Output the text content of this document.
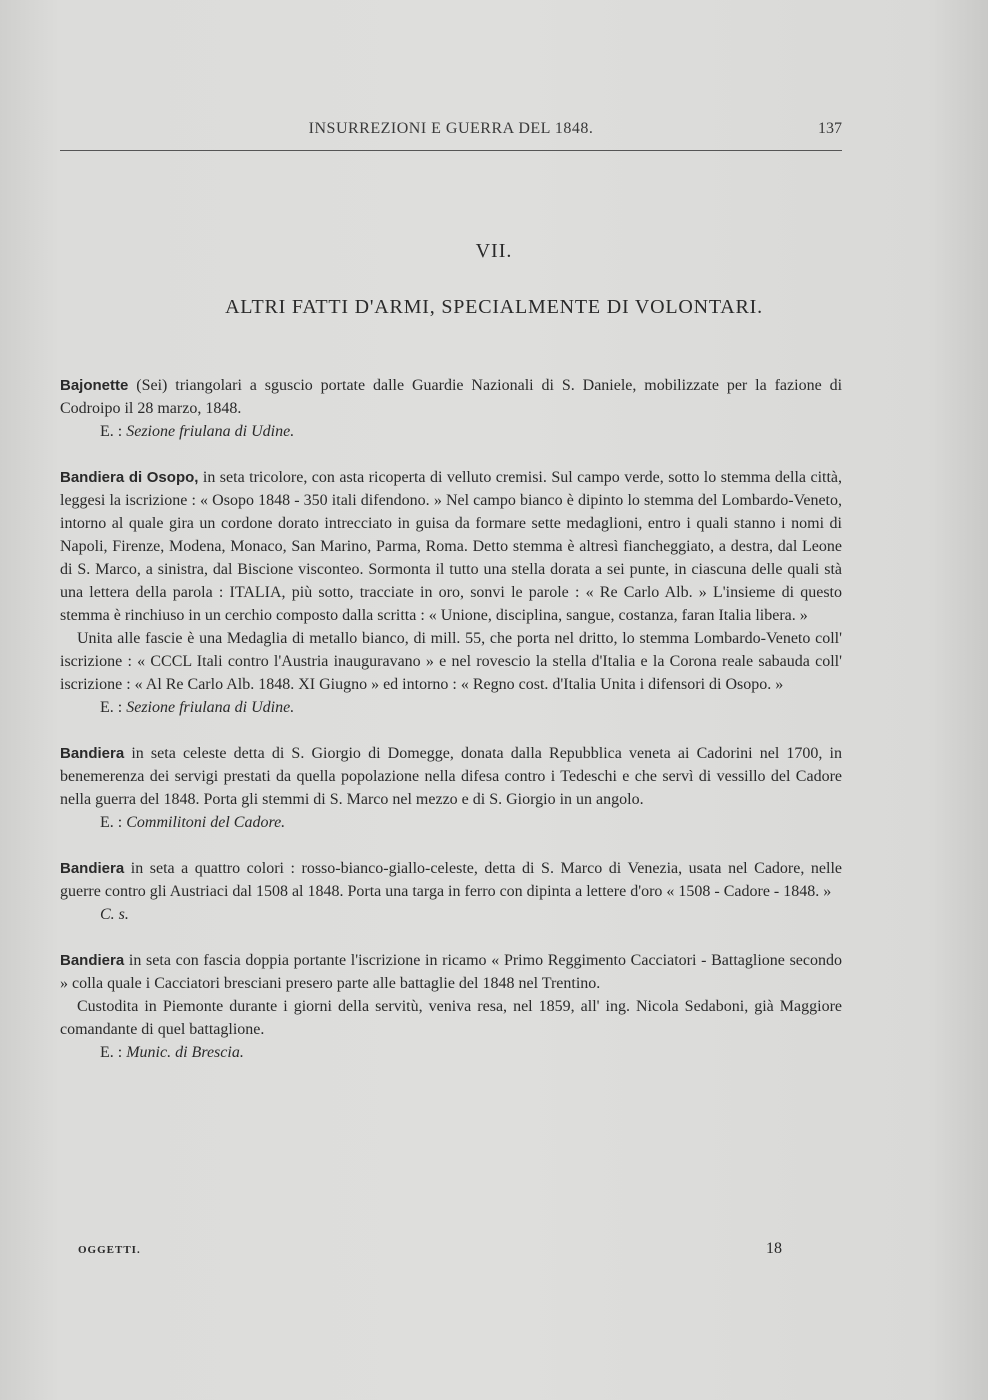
INSURREZIONI E GUERRA DEL 1848.	137
VII.
ALTRI FATTI D'ARMI, SPECIALMENTE DI VOLONTARI.

Bajonette (Sei) triangolari a sguscio portate dalle Guardie Nazionali di S. Daniele, mobilizzate per la fazione di Codroipo il 28 marzo, 1848.

E. : Sezione friulana di Udine.

Bandiera di Osopo, in seta tricolore, con asta ricoperta di velluto cremisi. Sul campo verde, sotto lo stemma della città, leggesi la iscrizione : « Osopo 1848 - 350 itali difendono. » Nel campo bianco è dipinto lo stemma del Lombardo-Veneto, intorno al quale gira un cordone dorato intrecciato in guisa da formare sette medaglioni, entro i quali stanno i nomi di Napoli, Firenze, Modena, Monaco, San Marino, Parma, Roma. Detto stemma è altresì fiancheggiato, a destra, dal Leone di S. Marco, a sinistra, dal Biscione visconteo. Sormonta il tutto una stella dorata a sei punte, in ciascuna delle quali stà una lettera della parola : ITALIA, più sotto, tracciate in oro, sonvi le parole : « Re Carlo Alb. » L'insieme di questo stemma è rinchiuso in un cerchio composto dalla scritta : « Unione, disciplina, sangue, costanza, faran Italia libera. »

Unita alle fascie è una Medaglia di metallo bianco, di mill. 55, che porta nel dritto, lo stemma Lombardo-Veneto coll' iscrizione : « CCCL Itali contro l'Austria inauguravano » e nel rovescio la stella d'Italia e la Corona reale sabauda coll' iscrizione : « Al Re Carlo Alb. 1848. XI Giugno » ed intorno : « Regno cost. d'Italia Unita i difensori di Osopo. »

E. : Sezione friulana di Udine.

Bandiera in seta celeste detta di S. Giorgio di Domegge, donata dalla Repubblica veneta ai Cadorini nel 1700, in benemerenza dei servigi prestati da quella popolazione nella difesa contro i Tedeschi e che servì di vessillo del Cadore nella guerra del 1848. Porta gli stemmi di S. Marco nel mezzo e di S. Giorgio in un angolo.

E. : Commilitoni del Cadore.

Bandiera in seta a quattro colori : rosso-bianco-giallo-celeste, detta di S. Marco di Venezia, usata nel Cadore, nelle guerre contro gli Austriaci dal 1508 al 1848. Porta una targa in ferro con dipinta a lettere d'oro « 1508 - Cadore - 1848. »

C. s.

Bandiera in seta con fascia doppia portante l'iscrizione in ricamo « Primo Reggimento Cacciatori - Battaglione secondo » colla quale i Cacciatori bresciani presero parte alle battaglie del 1848 nel Trentino.

Custodita in Piemonte durante i giorni della servitù, veniva resa, nel 1859, all' ing. Nicola Sedaboni, già Maggiore comandante di quel battaglione.

E. : Munic. di Brescia.

OGGETTI.	18
